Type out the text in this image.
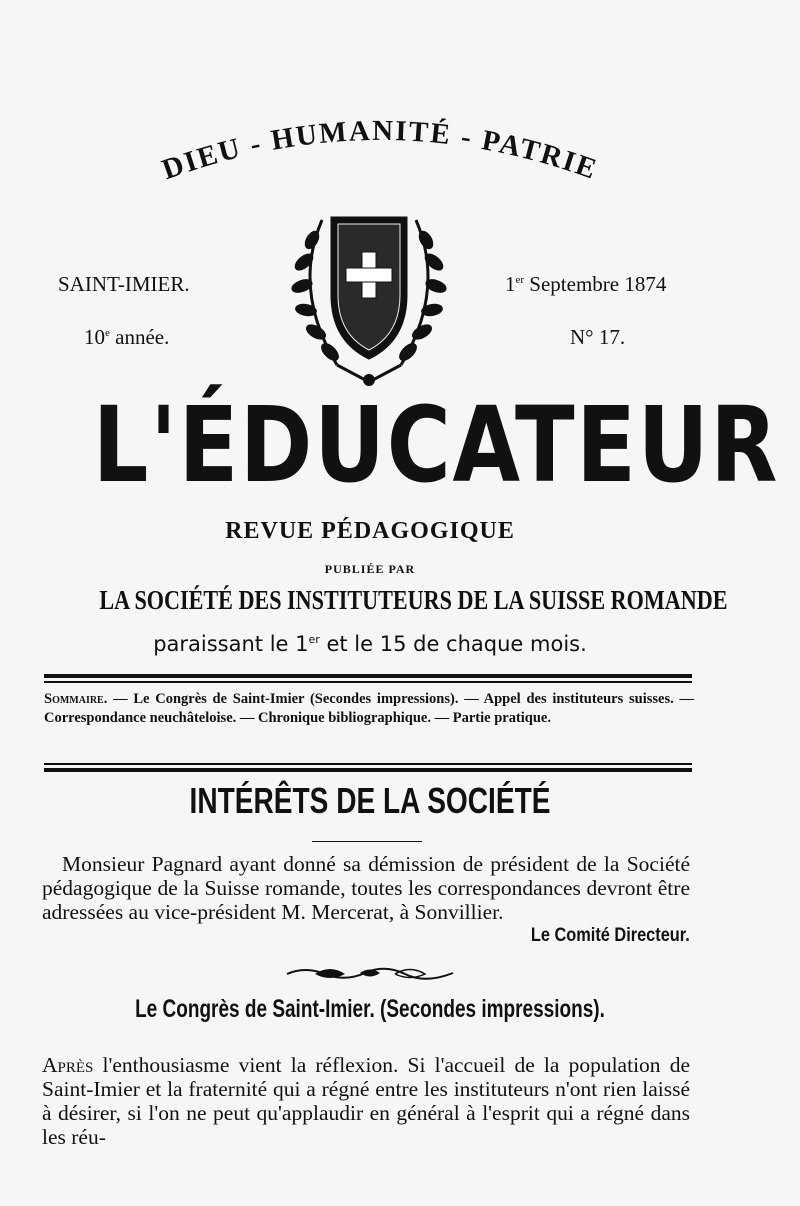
DIEU - HUMANITÉ - PATRIE
SAINT-IMIER.	1er Septembre 1874
10e année.	N° 17.
L'ÉDUCATEUR
REVUE PÉDAGOGIQUE
PUBLIÉE PAR
LA SOCIÉTÉ DES INSTITUTEURS DE LA SUISSE ROMANDE
paraissant le 1er et le 15 de chaque mois.
Sommaire. — Le Congrès de Saint-Imier (Secondes impressions). — Appel des instituteurs suisses. — Correspondance neuchâteloise. — Chronique bibliographique. — Partie pratique.
INTÉRÊTS DE LA SOCIÉTÉ

Monsieur Pagnard ayant donné sa démission de président de la Société pédagogique de la Suisse romande, toutes les correspondances devront être adressées au vice-président M. Mercerat, à Sonvillier.
Le Comité Directeur.

Le Congrès de Saint-Imier. (Secondes impressions).

Après l'enthousiasme vient la réflexion. Si l'accueil de la population de Saint-Imier et la fraternité qui a régné entre les instituteurs n'ont rien laissé à désirer, si l'on ne peut qu'applaudir en général à l'esprit qui a régné dans les réu-
